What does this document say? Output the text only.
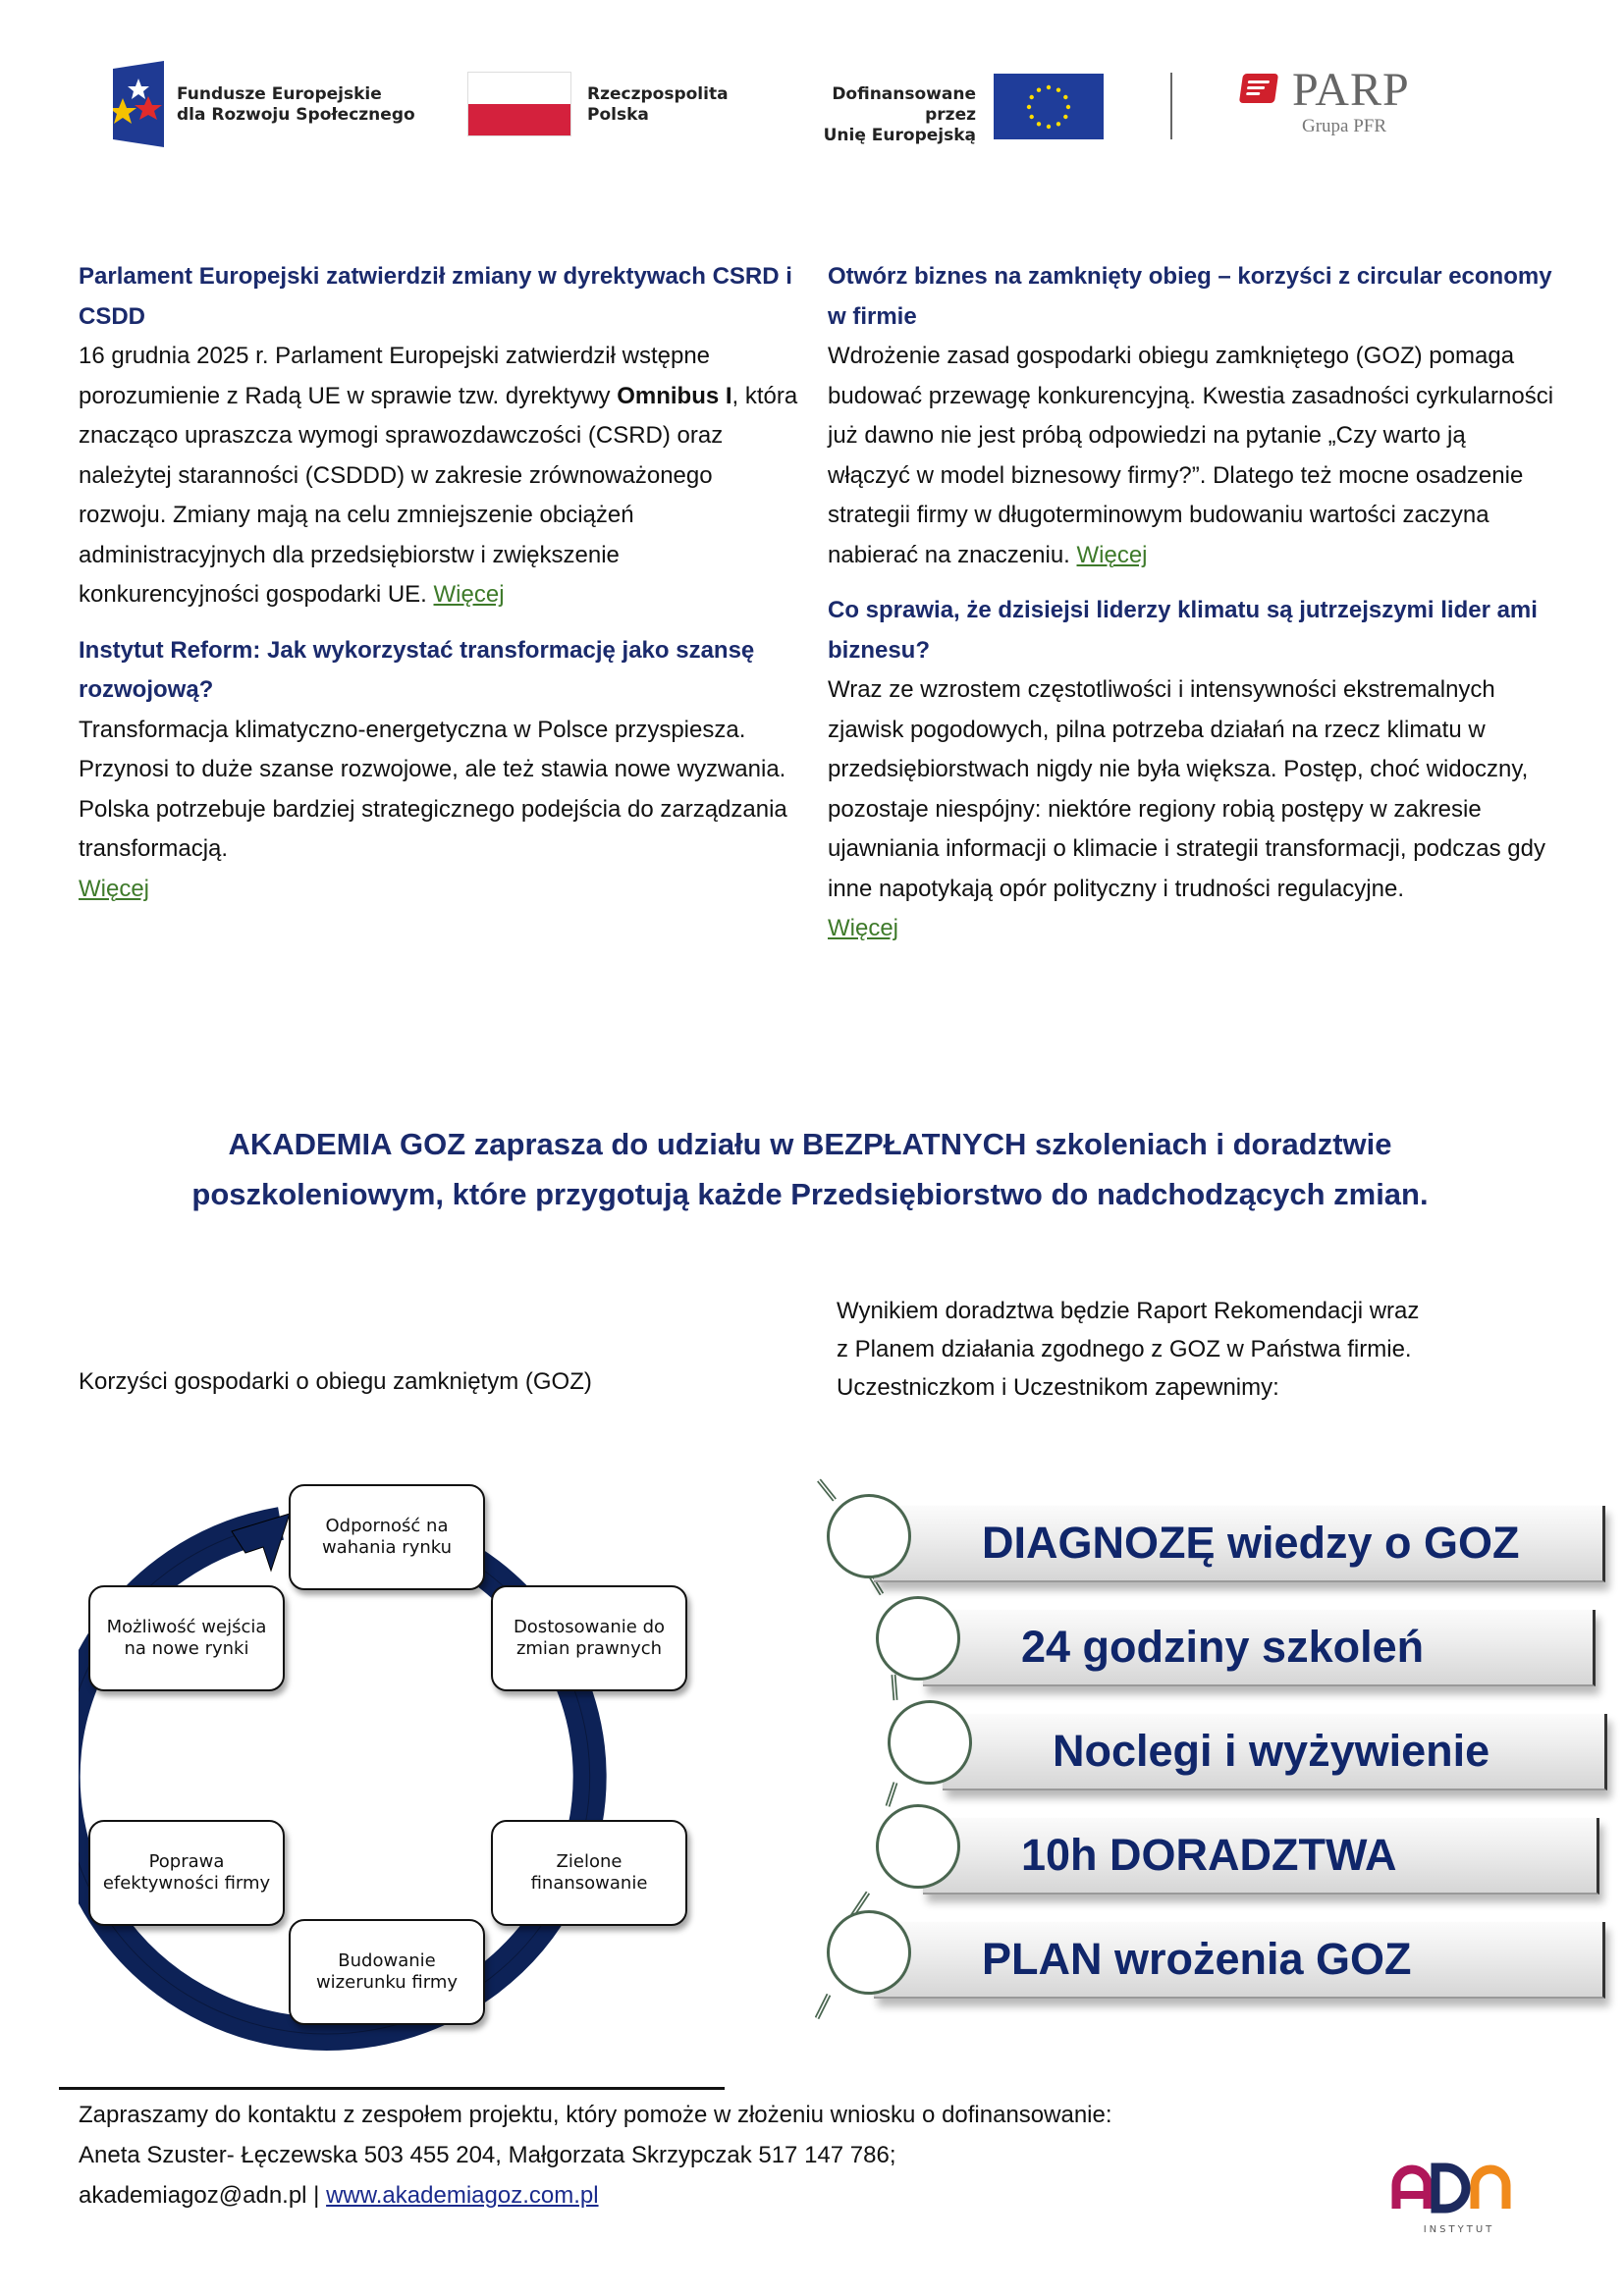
Fundusze Europejskie
dla Rozwoju Społecznego
Rzeczpospolita
Polska
Dofinansowane przez
Unię Europejską
PARP
Grupa PFR
Parlament Europejski zatwierdził zmiany w dyrektywach CSRD i CSDD
16 grudnia 2025 r. Parlament Europejski zatwierdził wstępne porozumienie z Radą UE w sprawie tzw. dyrektywy Omnibus I, która znacząco upraszcza wymogi sprawozdawczości (CSRD) oraz należytej staranności (CSDDD) w zakresie zrównoważonego rozwoju. Zmiany mają na celu zmniejszenie obciążeń administracyjnych dla przedsiębiorstw i zwiększenie konkurencyjności gospodarki UE. Więcej
Instytut Reform: Jak wykorzystać transformację jako szansę rozwojową?
Transformacja klimatyczno-energetyczna w Polsce przyspiesza. Przynosi to duże szanse rozwojowe, ale też stawia nowe wyzwania. Polska potrzebuje bardziej strategicznego podejścia do zarządzania transformacją.
Więcej
Otwórz biznes na zamknięty obieg – korzyści z circular economy w firmie
Wdrożenie zasad gospodarki obiegu zamkniętego (GOZ) pomaga budować przewagę konkurencyjną. Kwestia zasadności cyrkularności już dawno nie jest próbą odpowiedzi na pytanie „Czy warto ją włączyć w model biznesowy firmy?”. Dlatego też mocne osadzenie strategii firmy w długoterminowym budowaniu wartości zaczyna nabierać na znaczeniu. Więcej
Co sprawia, że dzisiejsi liderzy klimatu są jutrzejszymi lider ami biznesu?
Wraz ze wzrostem częstotliwości i intensywności ekstremalnych zjawisk pogodowych, pilna potrzeba działań na rzecz klimatu w przedsiębiorstwach nigdy nie była większa. Postęp, choć widoczny, pozostaje niespójny: niektóre regiony robią postępy w zakresie ujawniania informacji o klimacie i strategii transformacji, podczas gdy inne napotykają opór polityczny i trudności regulacyjne.
Więcej
AKADEMIA GOZ zaprasza do udziału w BEZPŁATNYCH szkoleniach i doradztwie
poszkoleniowym, które przygotują każde Przedsiębiorstwo do nadchodzących zmian.
Korzyści gospodarki o obiegu zamkniętym (GOZ)
Wynikiem doradztwa będzie Raport Rekomendacji wraz
z Planem działania zgodnego z GOZ w Państwa firmie.
Uczestniczkom i Uczestnikom zapewnimy:
Odporność na wahania rynku
Dostosowanie do zmian prawnych
Zielone finansowanie
Budowanie wizerunku firmy
Poprawa efektywności firmy
Możliwość wejścia na nowe rynki
DIAGNOZĘ wiedzy o GOZ
24 godziny szkoleń
Noclegi i wyżywienie
10h DORADZTWA
PLAN wrożenia GOZ
Zapraszamy do kontaktu z zespołem projektu, który pomoże w złożeniu wniosku o dofinansowanie:
Aneta Szuster- Łęczewska 503 455 204, Małgorzata Skrzypczak 517 147 786;
akademiagoz@adn.pl | www.akademiagoz.com.pl
INSTYTUT
